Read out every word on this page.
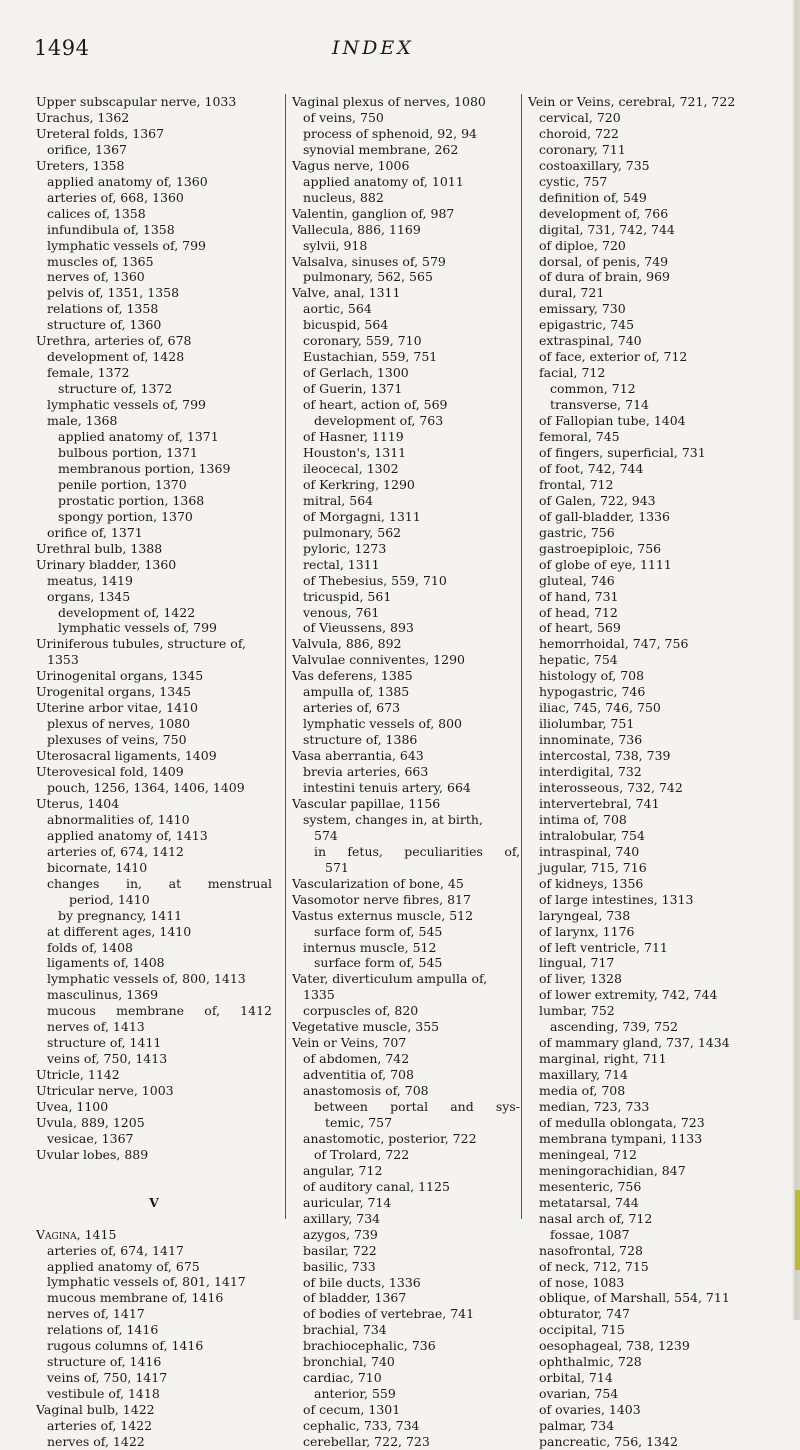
1494	INDEX
Upper subscapular nerve, 1033
Urachus, 1362
Ureteral folds, 1367
orifice, 1367
Ureters, 1358
applied anatomy of, 1360
arteries of, 668, 1360
calices of, 1358
infundibula of, 1358
lymphatic vessels of, 799
muscles of, 1365
nerves of, 1360
pelvis of, 1351, 1358
relations of, 1358
structure of, 1360
Urethra, arteries of, 678
development of, 1428
female, 1372
structure of, 1372
lymphatic vessels of, 799
male, 1368
applied anatomy of, 1371
bulbous portion, 1371
membranous portion, 1369
penile portion, 1370
prostatic portion, 1368
spongy portion, 1370
orifice of, 1371
Urethral bulb, 1388
Urinary bladder, 1360
meatus, 1419
organs, 1345
development of, 1422
lymphatic vessels of, 799
Uriniferous tubules, structure of,
1353
Urinogenital organs, 1345
Urogenital organs, 1345
Uterine arbor vitae, 1410
plexus of nerves, 1080
plexuses of veins, 750
Uterosacral ligaments, 1409
Uterovesical fold, 1409
pouch, 1256, 1364, 1406, 1409
Uterus, 1404
abnormalities of, 1410
applied anatomy of, 1413
arteries of, 674, 1412
bicornate, 1410
changes in, at menstrual
period, 1410
by pregnancy, 1411
at different ages, 1410
folds of, 1408
ligaments of, 1408
lymphatic vessels of, 800, 1413
masculinus, 1369
mucous membrane of, 1412
nerves of, 1413
structure of, 1411
veins of, 750, 1413
Utricle, 1142
Utricular nerve, 1003
Uvea, 1100
Uvula, 889, 1205
vesicae, 1367
Uvular lobes, 889
V
Vagina, 1415
arteries of, 674, 1417
applied anatomy of, 675
lymphatic vessels of, 801, 1417
mucous membrane of, 1416
nerves of, 1417
relations of, 1416
rugous columns of, 1416
structure of, 1416
veins of, 750, 1417
vestibule of, 1418
Vaginal bulb, 1422
arteries of, 1422
nerves of, 1422
Vaginal plexus of nerves, 1080
of veins, 750
process of sphenoid, 92, 94
synovial membrane, 262
Vagus nerve, 1006
applied anatomy of, 1011
nucleus, 882
Valentin, ganglion of, 987
Vallecula, 886, 1169
sylvii, 918
Valsalva, sinuses of, 579
pulmonary, 562, 565
Valve, anal, 1311
aortic, 564
bicuspid, 564
coronary, 559, 710
Eustachian, 559, 751
of Gerlach, 1300
of Guerin, 1371
of heart, action of, 569
development of, 763
of Hasner, 1119
Houston's, 1311
ileocecal, 1302
of Kerkring, 1290
mitral, 564
of Morgagni, 1311
pulmonary, 562
pyloric, 1273
rectal, 1311
of Thebesius, 559, 710
tricuspid, 561
venous, 761
of Vieussens, 893
Valvula, 886, 892
Valvulae conniventes, 1290
Vas deferens, 1385
ampulla of, 1385
arteries of, 673
lymphatic vessels of, 800
structure of, 1386
Vasa aberrantia, 643
brevia arteries, 663
intestini tenuis artery, 664
Vascular papillae, 1156
system, changes in, at birth,
574
in fetus, peculiarities of,
571
Vascularization of bone, 45
Vasomotor nerve fibres, 817
Vastus externus muscle, 512
surface form of, 545
internus muscle, 512
surface form of, 545
Vater, diverticulum ampulla of,
1335
corpuscles of, 820
Vegetative muscle, 355
Vein or Veins, 707
of abdomen, 742
adventitia of, 708
anastomosis of, 708
between portal and sys-
temic, 757
anastomotic, posterior, 722
of Trolard, 722
angular, 712
of auditory canal, 1125
auricular, 714
axillary, 734
azygos, 739
basilar, 722
basilic, 733
of bile ducts, 1336
of bladder, 1367
of bodies of vertebrae, 741
brachial, 734
brachiocephalic, 736
bronchial, 740
cardiac, 710
anterior, 559
of cecum, 1301
cephalic, 733, 734
cerebellar, 722, 723
Vein or Veins, cerebral, 721, 722
cervical, 720
choroid, 722
coronary, 711
costoaxillary, 735
cystic, 757
definition of, 549
development of, 766
digital, 731, 742, 744
of diploe, 720
dorsal, of penis, 749
of dura of brain, 969
dural, 721
emissary, 730
epigastric, 745
extraspinal, 740
of face, exterior of, 712
facial, 712
common, 712
transverse, 714
of Fallopian tube, 1404
femoral, 745
of fingers, superficial, 731
of foot, 742, 744
frontal, 712
of Galen, 722, 943
of gall-bladder, 1336
gastric, 756
gastroepiploic, 756
of globe of eye, 1111
gluteal, 746
of hand, 731
of head, 712
of heart, 569
hemorrhoidal, 747, 756
hepatic, 754
histology of, 708
hypogastric, 746
iliac, 745, 746, 750
iliolumbar, 751
innominate, 736
intercostal, 738, 739
interdigital, 732
interosseous, 732, 742
intervertebral, 741
intima of, 708
intralobular, 754
intraspinal, 740
jugular, 715, 716
of kidneys, 1356
of large intestines, 1313
laryngeal, 738
of larynx, 1176
of left ventricle, 711
lingual, 717
of liver, 1328
of lower extremity, 742, 744
lumbar, 752
ascending, 739, 752
of mammary gland, 737, 1434
marginal, right, 711
maxillary, 714
media of, 708
median, 723, 733
of medulla oblongata, 723
membrana tympani, 1133
meningeal, 712
meningorachidian, 847
mesenteric, 756
metatarsal, 744
nasal arch of, 712
fossae, 1087
nasofrontal, 728
of neck, 712, 715
of nose, 1083
oblique, of Marshall, 554, 711
obturator, 747
occipital, 715
oesophageal, 738, 1239
ophthalmic, 728
orbital, 714
ovarian, 754
of ovaries, 1403
palmar, 734
pancreatic, 756, 1342
